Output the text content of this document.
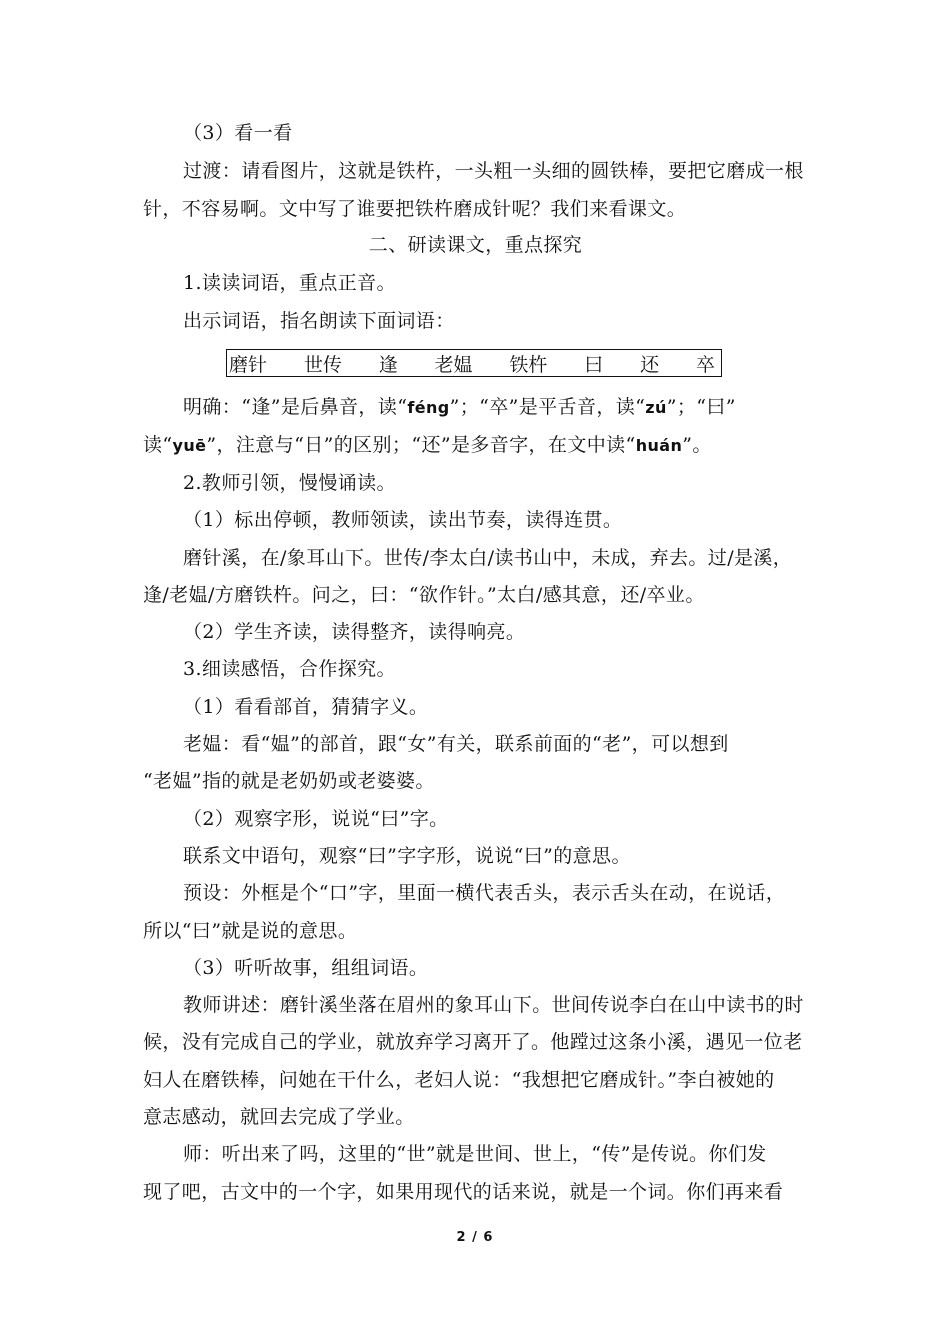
（3）看一看
过渡：请看图片，这就是铁杵，一头粗一头细的圆铁棒，要把它磨成一根
针，不容易啊。文中写了谁要把铁杵磨成针呢？我们来看课文。
二、研读课文，重点探究
1.读读词语，重点正音。
出示词语，指名朗读下面词语：
磨针 世传 逢 老媪 铁杵 曰 还 卒
明确：“逢”是后鼻音，读“féng”；“卒”是平舌音，读“zú”；“曰”
读“yuē”，注意与“日”的区别；“还”是多音字，在文中读“huán”。
2.教师引领，慢慢诵读。
（1）标出停顿，教师领读，读出节奏，读得连贯。
磨针溪，在/象耳山下。世传/李太白/读书山中，未成，弃去。过/是溪，
逢/老媪/方磨铁杵。问之，曰：“欲作针。”太白/感其意，还/卒业。
（2）学生齐读，读得整齐，读得响亮。
3.细读感悟，合作探究。
（1）看看部首，猜猜字义。
老媪：看“媪”的部首，跟“女”有关，联系前面的“老”，可以想到
“老媪”指的就是老奶奶或老婆婆。
（2）观察字形，说说“曰”字。
联系文中语句，观察“曰”字字形，说说“曰”的意思。
预设：外框是个“口”字，里面一横代表舌头，表示舌头在动，在说话，
所以“曰”就是说的意思。
（3）听听故事，组组词语。
教师讲述：磨针溪坐落在眉州的象耳山下。世间传说李白在山中读书的时
候，没有完成自己的学业，就放弃学习离开了。他蹚过这条小溪，遇见一位老
妇人在磨铁棒，问她在干什么，老妇人说：“我想把它磨成针。”李白被她的
意志感动，就回去完成了学业。
师：听出来了吗，这里的“世”就是世间、世上，“传”是传说。你们发
现了吧，古文中的一个字，如果用现代的话来说，就是一个词。你们再来看
2 / 6
